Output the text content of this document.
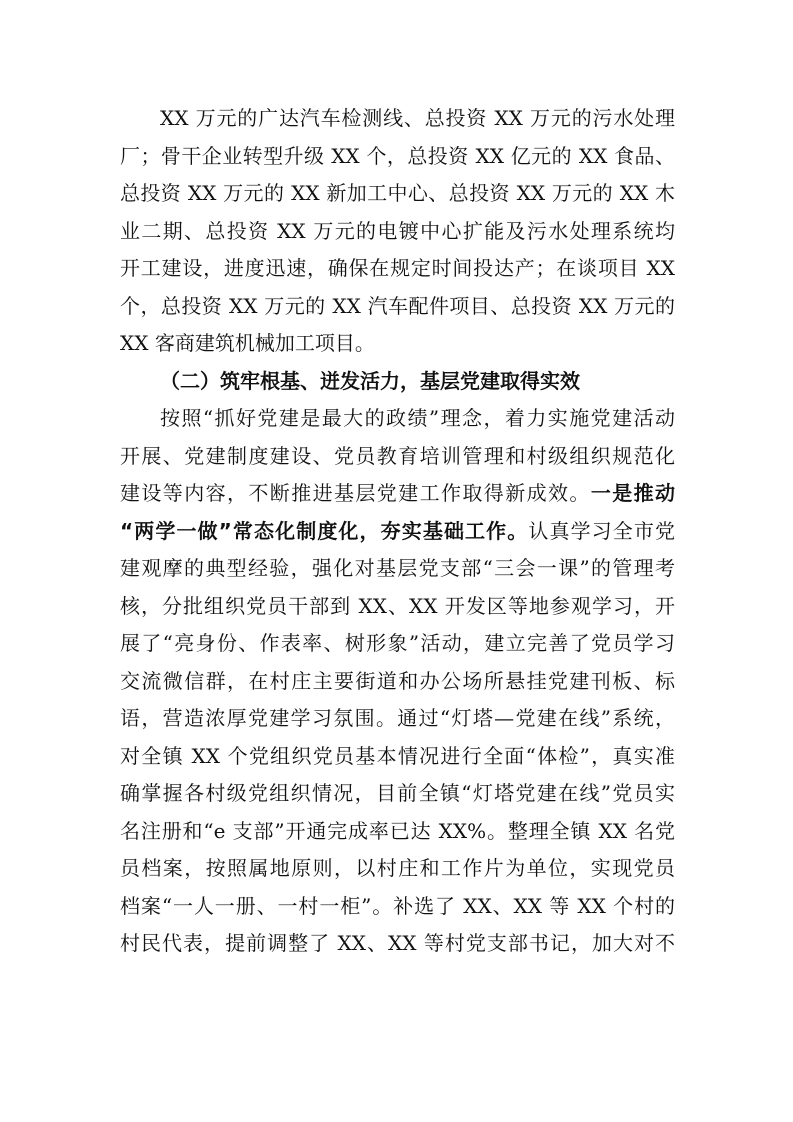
XX 万元的广达汽车检测线、总投资 XX 万元的污水处理
厂；骨干企业转型升级 XX 个，总投资 XX 亿元的 XX 食品、
总投资 XX 万元的 XX 新加工中心、总投资 XX 万元的 XX 木
业二期、总投资 XX 万元的电镀中心扩能及污水处理系统均
开工建设，进度迅速，确保在规定时间投达产；在谈项目 XX
个，总投资 XX 万元的 XX 汽车配件项目、总投资 XX 万元的
XX 客商建筑机械加工项目。
（二）筑牢根基、迸发活力，基层党建取得实效
按照“抓好党建是最大的政绩”理念，着力实施党建活动
开展、党建制度建设、党员教育培训管理和村级组织规范化
建设等内容，不断推进基层党建工作取得新成效。一是推动
“两学一做”常态化制度化，夯实基础工作。认真学习全市党
建观摩的典型经验，强化对基层党支部“三会一课”的管理考
核，分批组织党员干部到 XX、XX 开发区等地参观学习，开
展了“亮身份、作表率、树形象”活动，建立完善了党员学习
交流微信群，在村庄主要街道和办公场所悬挂党建刊板、标
语，营造浓厚党建学习氛围。通过“灯塔—党建在线”系统，
对全镇 XX 个党组织党员基本情况进行全面“体检”，真实准
确掌握各村级党组织情况，目前全镇“灯塔党建在线”党员实
名注册和“e 支部”开通完成率已达 XX%。整理全镇 XX 名党
员档案，按照属地原则，以村庄和工作片为单位，实现党员
档案“一人一册、一村一柜”。补选了 XX、XX 等 XX 个村的
村民代表，提前调整了 XX、XX 等村党支部书记，加大对不
